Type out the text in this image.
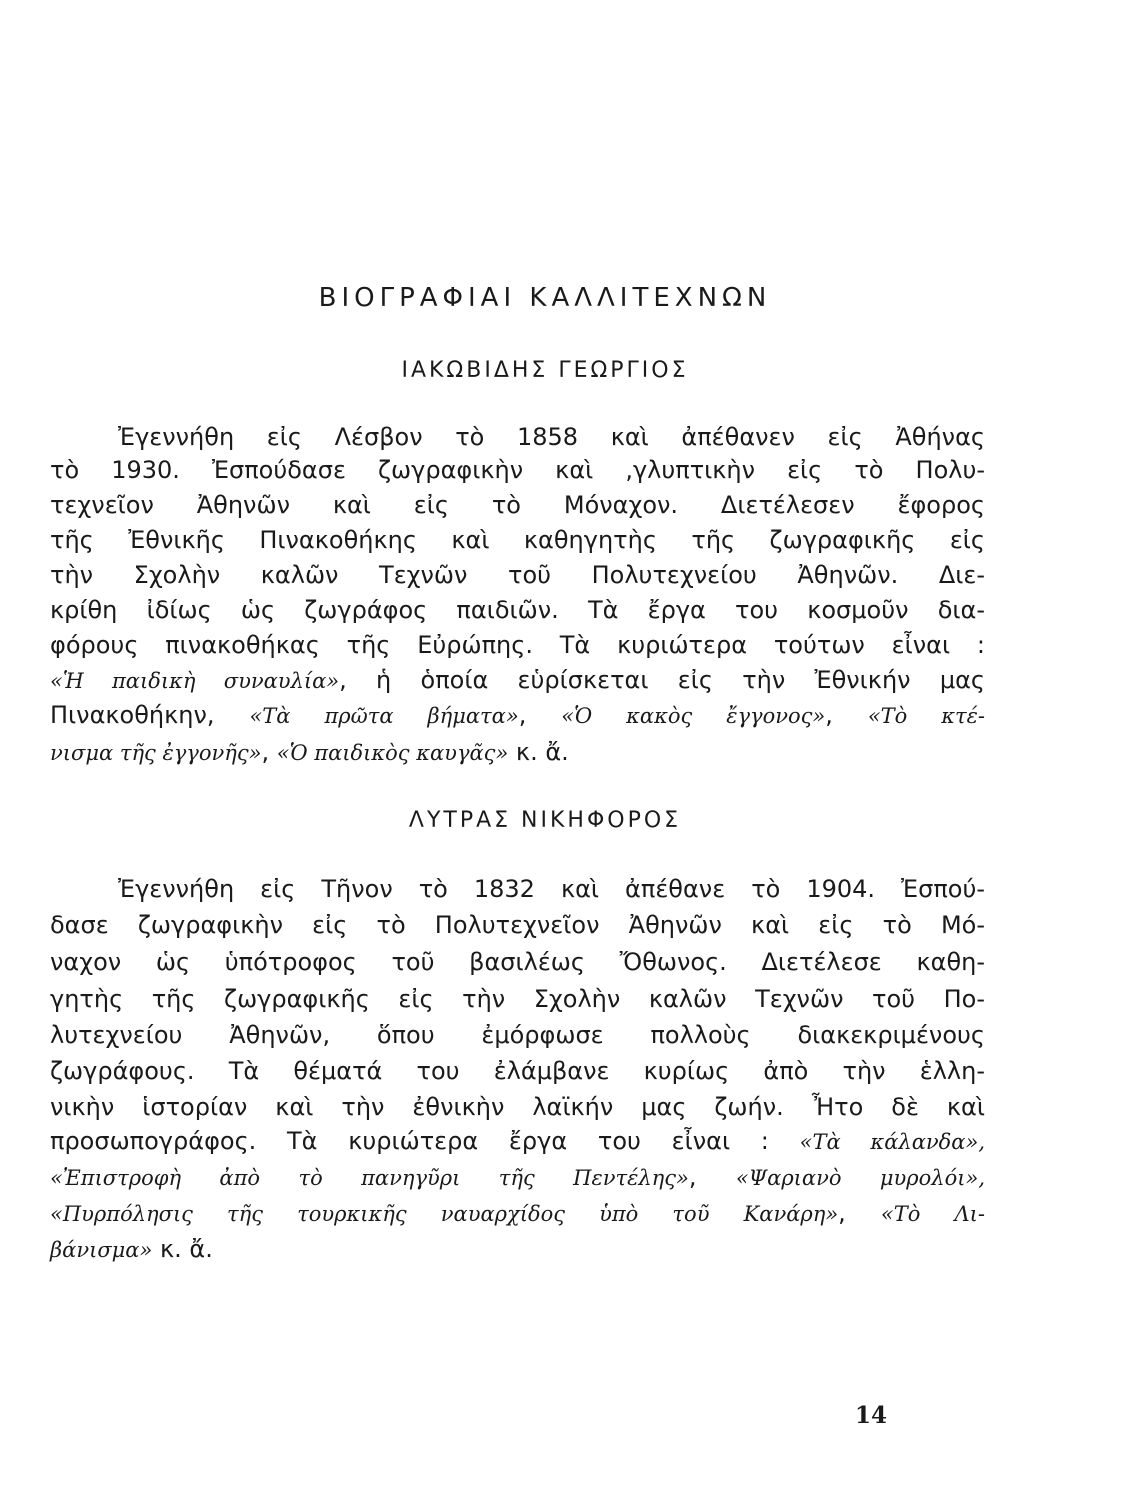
ΒΙΟΓΡΑΦΙΑΙ ΚΑΛΛΙΤΕΧΝΩΝ
ΙΑΚΩΒΙΔΗΣ ΓΕΩΡΓΙΟΣ
Ἐγεννήθη εἰς Λέσβον τὸ 1858 καὶ ἀπέθανεν εἰς Ἀθήνας
τὸ 1930. Ἐσπούδασε ζωγραφικὴν καὶ ,γλυπτικὴν εἰς τὸ Πολυ-
τεχνεῖον Ἀθηνῶν καὶ εἰς τὸ Μόναχον. Διετέλεσεν ἔφορος
τῆς Ἐθνικῆς Πινακοθήκης καὶ καθηγητὴς τῆς ζωγραφικῆς εἰς
τὴν Σχολὴν καλῶν Τεχνῶν τοῦ Πολυτεχνείου Ἀθηνῶν. Διε-
κρίθη ἰδίως ὡς ζωγράφος παιδιῶν. Τὰ ἔργα του κοσμοῦν δια-
φόρους πινακοθήκας τῆς Εὐρώπης. Τὰ κυριώτερα τούτων εἶναι :
«Ἡ παιδικὴ συναυλία», ἡ ὁποία εὑρίσκεται εἰς τὴν Ἐθνικήν μας
Πινακοθήκην, «Τὰ πρῶτα βήματα», «Ὁ κακὸς ἔγγονος», «Τὸ κτέ-
νισμα τῆς ἐγγονῆς», «Ὁ παιδικὸς καυγᾶς» κ. ἄ.
ΛΥΤΡΑΣ ΝΙΚΗΦΟΡΟΣ
Ἐγεννήθη εἰς Τῆνον τὸ 1832 καὶ ἀπέθανε τὸ 1904. Ἐσπού-
δασε ζωγραφικὴν εἰς τὸ Πολυτεχνεῖον Ἀθηνῶν καὶ εἰς τὸ Μό-
ναχον ὡς ὑπότροφος τοῦ βασιλέως Ὄθωνος. Διετέλεσε καθη-
γητὴς τῆς ζωγραφικῆς εἰς τὴν Σχολὴν καλῶν Τεχνῶν τοῦ Πο-
λυτεχνείου Ἀθηνῶν, ὅπου ἐμόρφωσε πολλοὺς διακεκριμένους
ζωγράφους. Τὰ θέματά του ἐλάμβανε κυρίως ἀπὸ τὴν ἑλλη-
νικὴν ἱστορίαν καὶ τὴν ἐθνικὴν λαϊκήν μας ζωήν. Ἦτο δὲ καὶ
προσωπογράφος. Τὰ κυριώτερα ἔργα του εἶναι : «Τὰ κάλανδα»,
«Ἐπιστροφὴ ἀπὸ τὸ πανηγῦρι τῆς Πεντέλης», «Ψαριανὸ μυρολόι»,
«Πυρπόλησις τῆς τουρκικῆς ναυαρχίδος ὑπὸ τοῦ Κανάρη», «Τὸ Λι-
βάνισμα» κ. ἄ.
14
